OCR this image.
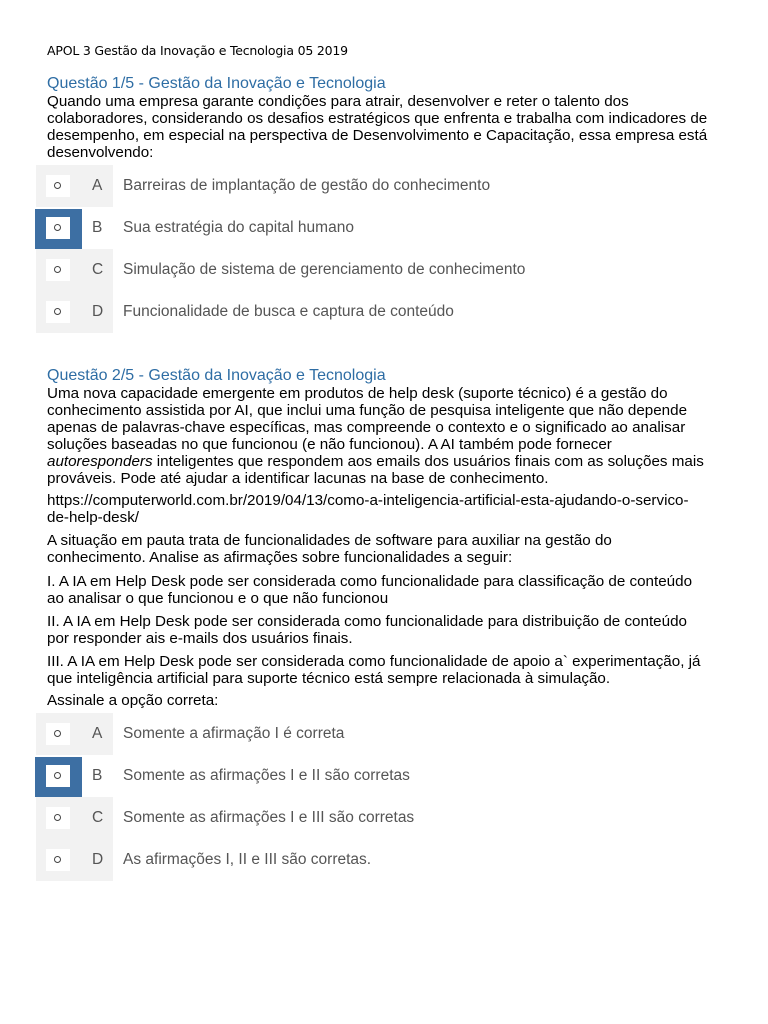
APOL 3 Gestão da Inovação e Tecnologia 05 2019
Questão 1/5 - Gestão da Inovação e Tecnologia
Quando uma empresa garante condições para atrair, desenvolver e reter o talento dos
colaboradores, considerando os desafios estratégicos que enfrenta e trabalha com indicadores de
desempenho, em especial na perspectiva de Desenvolvimento e Capacitação, essa empresa está
desenvolvendo:
A Barreiras de implantação de gestão do conhecimento
B Sua estratégia do capital humano
C Simulação de sistema de gerenciamento de conhecimento
D Funcionalidade de busca e captura de conteúdo
Questão 2/5 - Gestão da Inovação e Tecnologia
Uma nova capacidade emergente em produtos de help desk (suporte técnico) é a gestão do
conhecimento assistida por AI, que inclui uma função de pesquisa inteligente que não depende
apenas de palavras-chave específicas, mas compreende o contexto e o significado ao analisar
soluções baseadas no que funcionou (e não funcionou). A AI também pode fornecer
autoresponders inteligentes que respondem aos emails dos usuários finais com as soluções mais
prováveis. Pode até ajudar a identificar lacunas na base de conhecimento.
https://computerworld.com.br/2019/04/13/como-a-inteligencia-artificial-esta-ajudando-o-servico-
de-help-desk/
A situação em pauta trata de funcionalidades de software para auxiliar na gestão do
conhecimento. Analise as afirmações sobre funcionalidades a seguir:
I. A IA em Help Desk pode ser considerada como funcionalidade para classificação de conteúdo
ao analisar o que funcionou e o que não funcionou
II. A IA em Help Desk pode ser considerada como funcionalidade para distribuição de conteúdo
por responder ais e-mails dos usuários finais.
III. A IA em Help Desk pode ser considerada como funcionalidade de apoio a` experimentação, já
que inteligência artificial para suporte técnico está sempre relacionada à simulação.
Assinale a opção correta:
A Somente a afirmação I é correta
B Somente as afirmações I e II são corretas
C Somente as afirmações I e III são corretas
D As afirmações I, II e III são corretas.
